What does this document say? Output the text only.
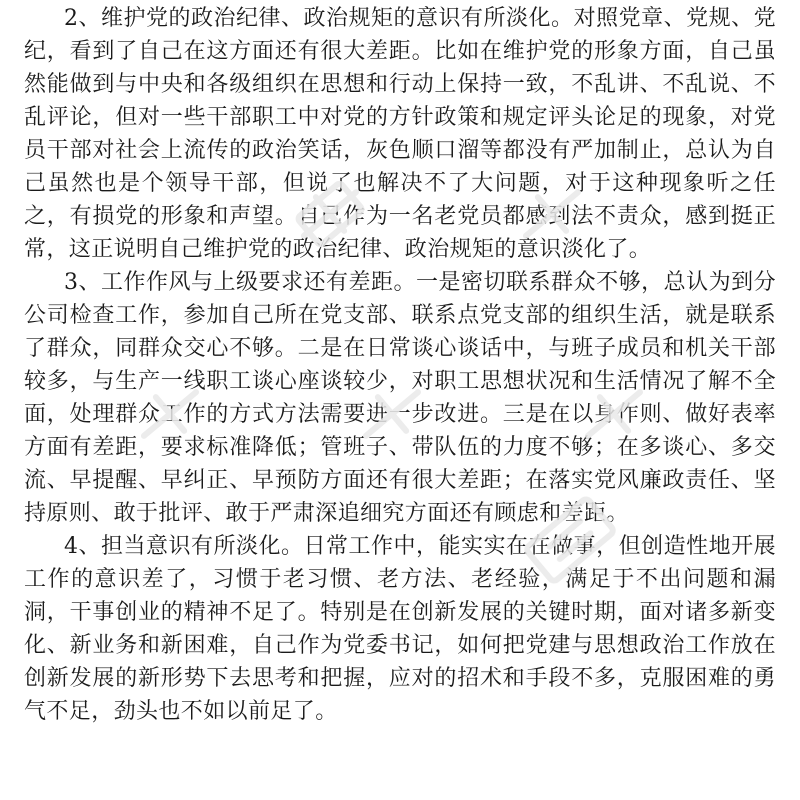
2、维护党的政治纪律、政治规矩的意识有所淡化。对照党章、党规、党纪，看到了自己在这方面还有很大差距。比如在维护党的形象方面，自己虽然能做到与中央和各级组织在思想和行动上保持一致，不乱讲、不乱说、不乱评论，但对一些干部职工中对党的方针政策和规定评头论足的现象，对党员干部对社会上流传的政治笑话，灰色顺口溜等都没有严加制止，总认为自己虽然也是个领导干部，但说了也解决不了大问题，对于这种现象听之任之，有损党的形象和声望。自己作为一名老党员都感到法不责众，感到挺正常，这正说明自己维护党的政治纪律、政治规矩的意识淡化了。

3、工作作风与上级要求还有差距。一是密切联系群众不够，总认为到分公司检查工作，参加自己所在党支部、联系点党支部的组织生活，就是联系了群众，同群众交心不够。二是在日常谈心谈话中，与班子成员和机关干部较多，与生产一线职工谈心座谈较少，对职工思想状况和生活情况了解不全面，处理群众工作的方式方法需要进一步改进。三是在以身作则、做好表率方面有差距，要求标准降低；管班子、带队伍的力度不够；在多谈心、多交流、早提醒、早纠正、早预防方面还有很大差距；在落实党风廉政责任、坚持原则、敢于批评、敢于严肃深追细究方面还有顾虑和差距。

4、担当意识有所淡化。日常工作中，能实实在在做事，但创造性地开展工作的意识差了，习惯于老习惯、老方法、老经验，满足于不出问题和漏洞，干事创业的精神不足了。特别是在创新发展的关键时期，面对诸多新变化、新业务和新困难，自己作为党委书记，如何把党建与思想政治工作放在创新发展的新形势下去思考和把握，应对的招术和手段不多，克服困难的勇气不足，劲头也不如以前足了。
